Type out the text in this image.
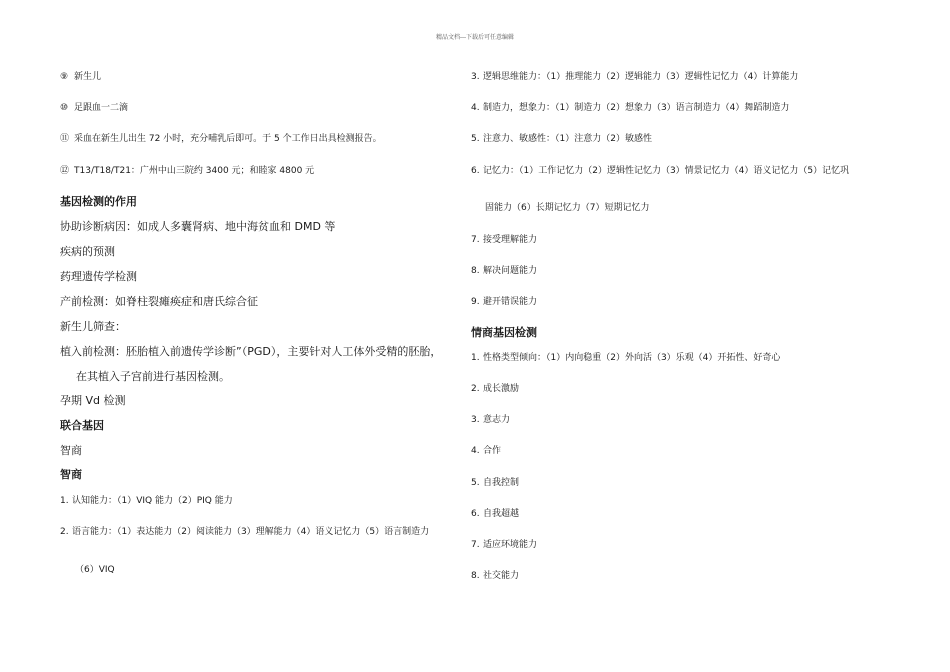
精品文档---下载后可任意编辑
⑨ 新生儿
⑩ 足跟血一二滴
⑪ 采血在新生儿出生 72 小时，充分哺乳后即可。于 5 个工作日出具检测报告。
⑫ T13/T18/T21：广州中山三院约 3400 元；和睦家 4800 元
基因检测的作用
协助诊断病因：如成人多囊肾病、地中海贫血和 DMD 等
疾病的预测
药理遗传学检测
产前检测：如脊柱裂瘫痪症和唐氏综合征
新生儿筛查：
植入前检测：胚胎植入前遗传学诊断”（PGD），主要针对人工体外受精的胚胎，
在其植入子宫前进行基因检测。
孕期 Vd 检测
联合基因
智商
智商
1. 认知能力：（1）VIQ 能力（2）PIQ 能力
2. 语言能力：（1）表达能力（2）阅读能力（3）理解能力（4）语义记忆力（5）语言制造力
（6）VIQ
3. 逻辑思维能力：（1）推理能力（2）逻辑能力（3）逻辑性记忆力（4）计算能力
4. 制造力，想象力：（1）制造力（2）想象力（3）语言制造力（4）舞蹈制造力
5. 注意力、敏感性：（1）注意力（2）敏感性
6. 记忆力：（1）工作记忆力（2）逻辑性记忆力（3）情景记忆力（4）语义记忆力（5）记忆巩
固能力（6）长期记忆力（7）短期记忆力
7. 接受理解能力
8. 解决问题能力
9. 避开错误能力
情商基因检测
1. 性格类型倾向：（1）内向稳重（2）外向活（3）乐观（4）开拓性、好奇心
2. 成长激励
3. 意志力
4. 合作
5. 自我控制
6. 自我超越
7. 适应环境能力
8. 社交能力
